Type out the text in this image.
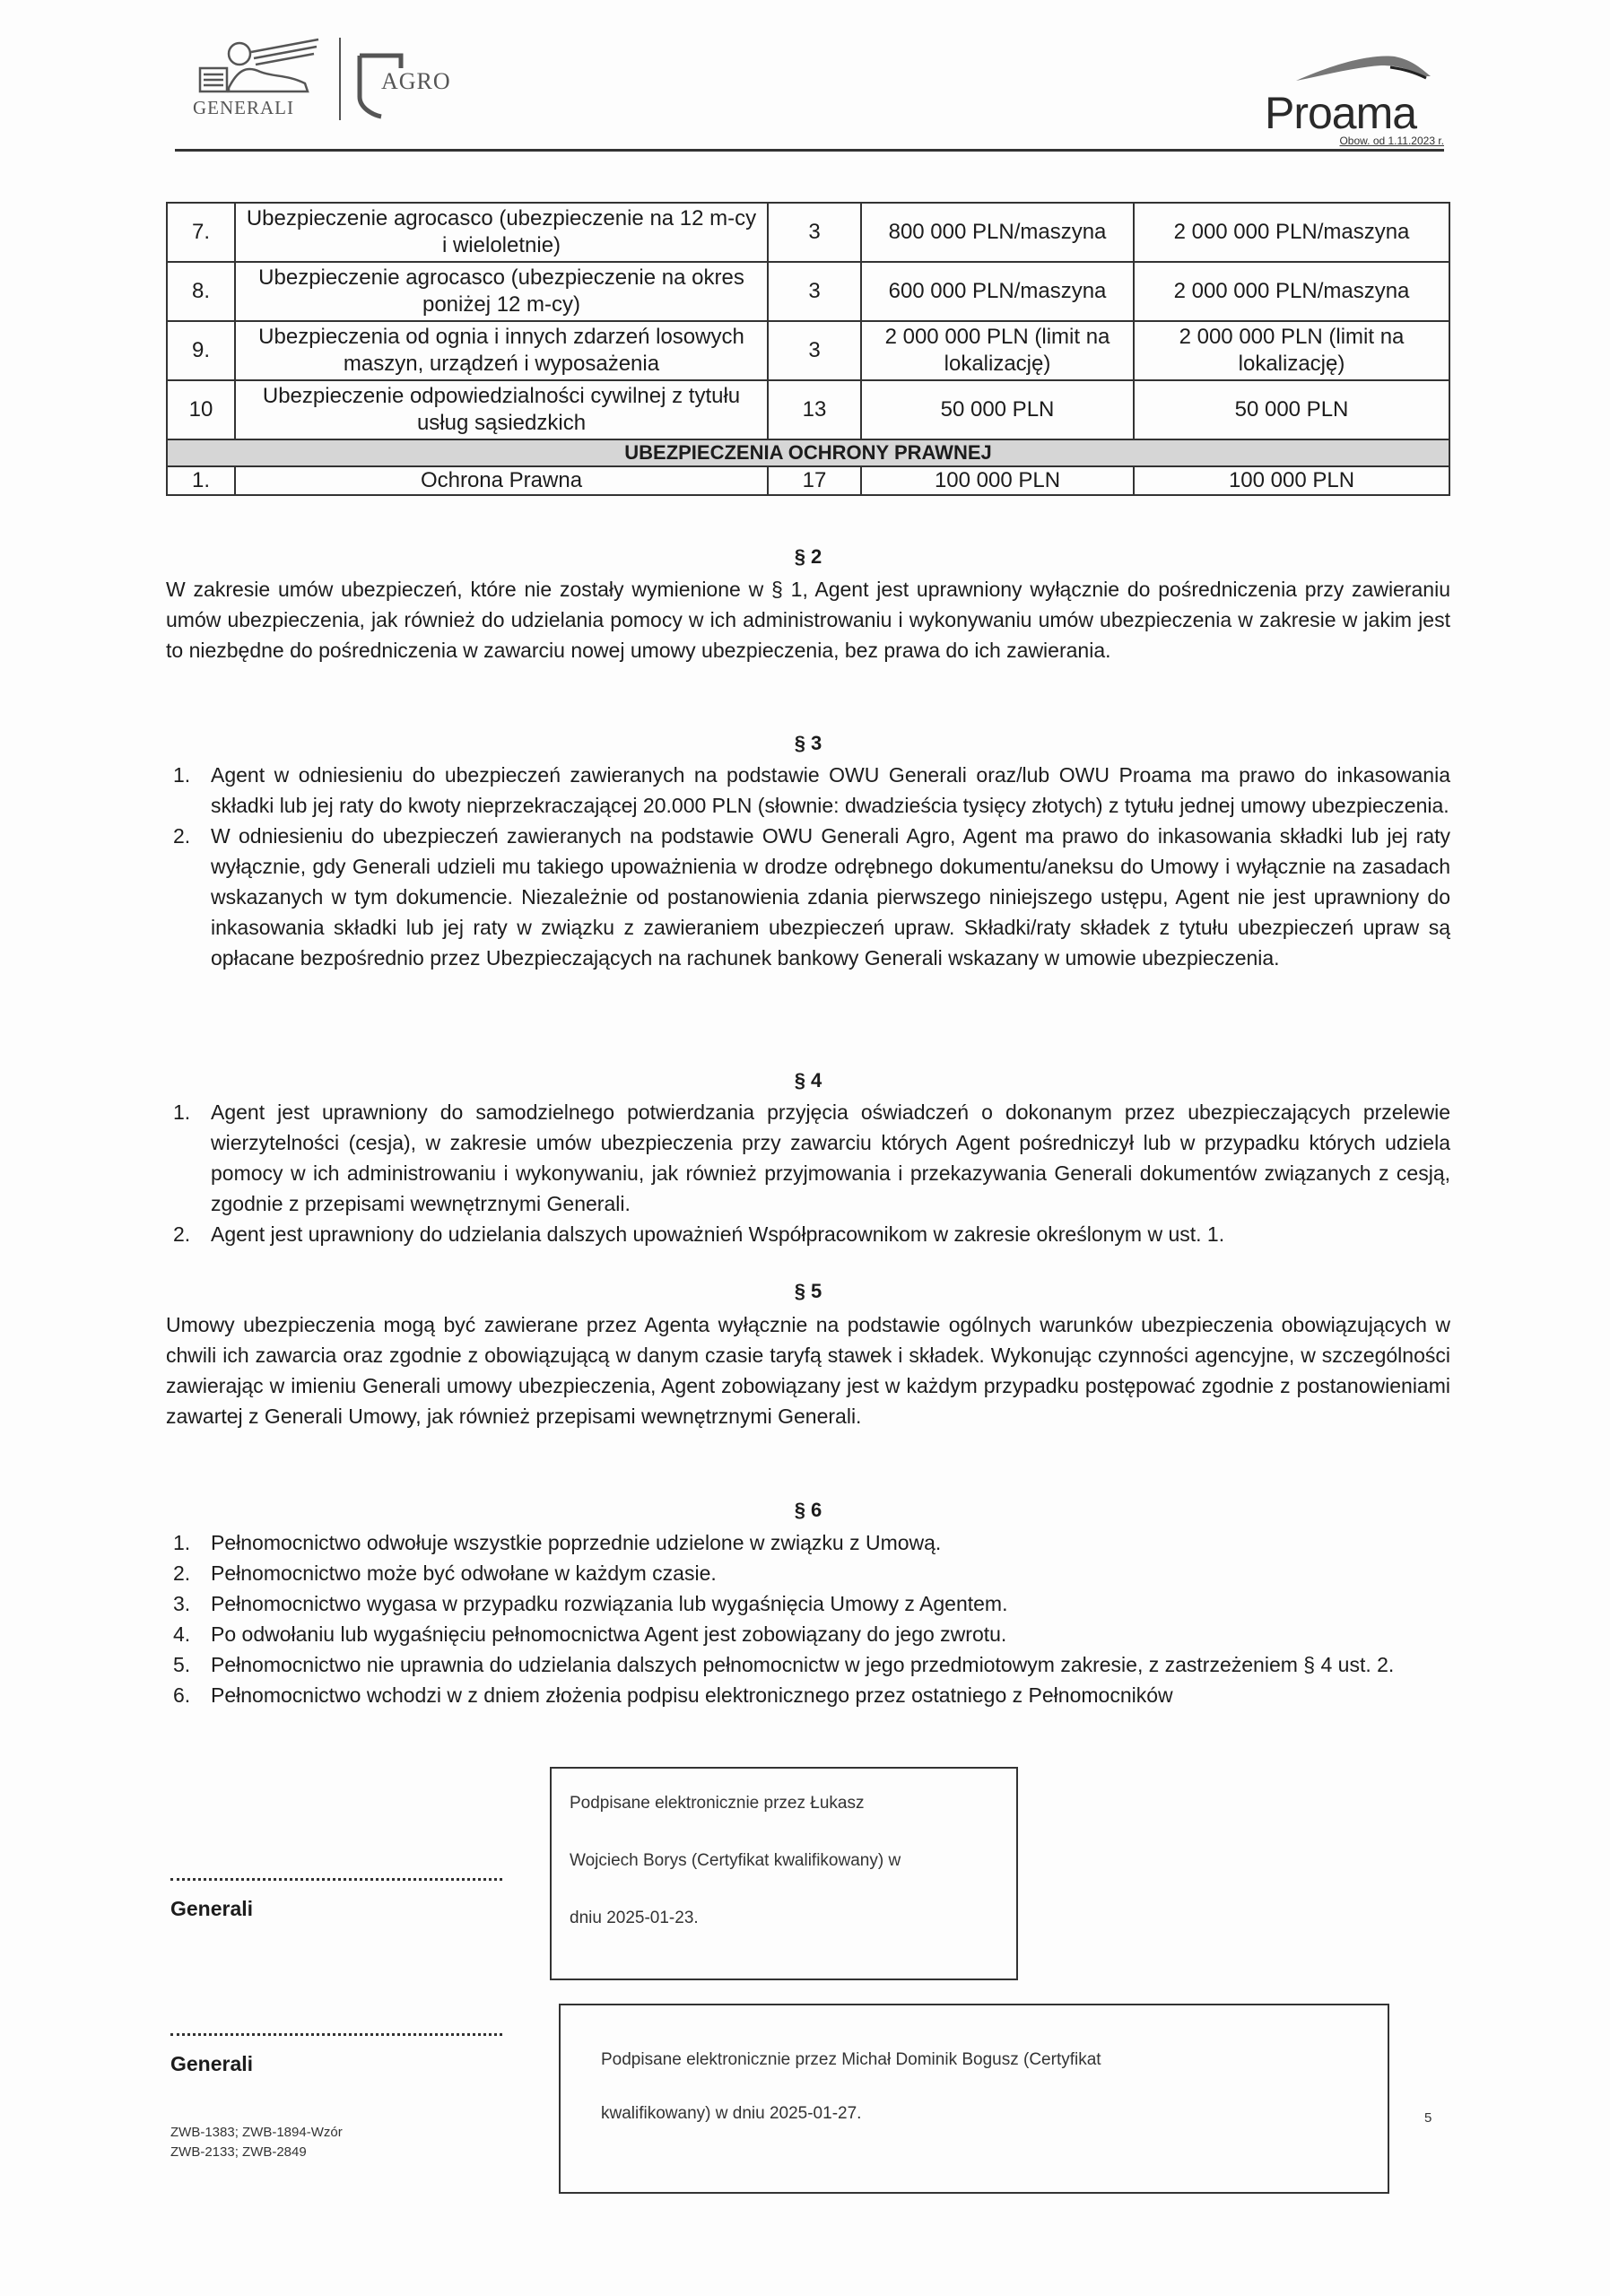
GENERALI
AGRO
Proama
Obow. od 1.11.2023 r.
7.	Ubezpieczenie agrocasco (ubezpieczenie na 12 m-cy i wieloletnie)	3	800 000 PLN/maszyna	2 000 000 PLN/maszyna
8.	Ubezpieczenie agrocasco (ubezpieczenie na okres poniżej 12 m-cy)	3	600 000 PLN/maszyna	2 000 000 PLN/maszyna
9.	Ubezpieczenia od ognia i innych zdarzeń losowych maszyn, urządzeń i wyposażenia	3	2 000 000 PLN (limit na lokalizację)	2 000 000 PLN (limit na lokalizację)
10	Ubezpieczenie odpowiedzialności cywilnej z tytułu usług sąsiedzkich	13	50 000 PLN	50 000 PLN
UBEZPIECZENIA OCHRONY PRAWNEJ				
1.	Ochrona Prawna	17	100 000 PLN	100 000 PLN
§ 2
W zakresie umów ubezpieczeń, które nie zostały wymienione w § 1, Agent jest uprawniony wyłącznie do pośredniczenia przy zawieraniu umów ubezpieczenia, jak również do udzielania pomocy w ich administrowaniu i wykonywaniu umów ubezpieczenia w zakresie w jakim jest to niezbędne do pośredniczenia w zawarciu nowej umowy ubezpieczenia, bez prawa do ich zawierania.
§ 3
1. Agent w odniesieniu do ubezpieczeń zawieranych na podstawie OWU Generali oraz/lub OWU Proama ma prawo do inkasowania składki lub jej raty do kwoty nieprzekraczającej 20.000 PLN (słownie: dwadzieścia tysięcy złotych) z tytułu jednej umowy ubezpieczenia.
2. W odniesieniu do ubezpieczeń zawieranych na podstawie OWU Generali Agro, Agent ma prawo do inkasowania składki lub jej raty wyłącznie, gdy Generali udzieli mu takiego upoważnienia w drodze odrębnego dokumentu/aneksu do Umowy i wyłącznie na zasadach wskazanych w tym dokumencie. Niezależnie od postanowienia zdania pierwszego niniejszego ustępu, Agent nie jest uprawniony do inkasowania składki lub jej raty w związku z zawieraniem ubezpieczeń upraw. Składki/raty składek z tytułu ubezpieczeń upraw są opłacane bezpośrednio przez Ubezpieczających na rachunek bankowy Generali wskazany w umowie ubezpieczenia.
§ 4
1. Agent jest uprawniony do samodzielnego potwierdzania przyjęcia oświadczeń o dokonanym przez ubezpieczających przelewie wierzytelności (cesja), w zakresie umów ubezpieczenia przy zawarciu których Agent pośredniczył lub w przypadku których udziela pomocy w ich administrowaniu i wykonywaniu, jak również przyjmowania i przekazywania Generali dokumentów związanych z cesją, zgodnie z przepisami wewnętrznymi Generali.
2. Agent jest uprawniony do udzielania dalszych upoważnień Współpracownikom w zakresie określonym w ust. 1.
§ 5
Umowy ubezpieczenia mogą być zawierane przez Agenta wyłącznie na podstawie ogólnych warunków ubezpieczenia obowiązujących w chwili ich zawarcia oraz zgodnie z obowiązującą w danym czasie taryfą stawek i składek. Wykonując czynności agencyjne, w szczególności zawierając w imieniu Generali umowy ubezpieczenia, Agent zobowiązany jest w każdym przypadku postępować zgodnie z postanowieniami zawartej z Generali Umowy, jak również przepisami wewnętrznymi Generali.
§ 6
1. Pełnomocnictwo odwołuje wszystkie poprzednie udzielone w związku z Umową.
2. Pełnomocnictwo może być odwołane w każdym czasie.
3. Pełnomocnictwo wygasa w przypadku rozwiązania lub wygaśnięcia Umowy z Agentem.
4. Po odwołaniu lub wygaśnięciu pełnomocnictwa Agent jest zobowiązany do jego zwrotu.
5. Pełnomocnictwo nie uprawnia do udzielania dalszych pełnomocnictw w jego przedmiotowym zakresie, z zastrzeżeniem § 4 ust. 2.
6. Pełnomocnictwo wchodzi w z dniem złożenia podpisu elektronicznego przez ostatniego z Pełnomocników
Generali

Podpisane elektronicznie przez Łukasz

Wojciech Borys (Certyfikat kwalifikowany) w

dniu 2025-01-23.

Generali	Podpisane elektronicznie przez Michał Dominik Bogusz (Certyfikat

kwalifikowany) w dniu 2025-01-27.

ZWB-1383; ZWB-1894-Wzór
ZWB-2133; ZWB-2849
5
